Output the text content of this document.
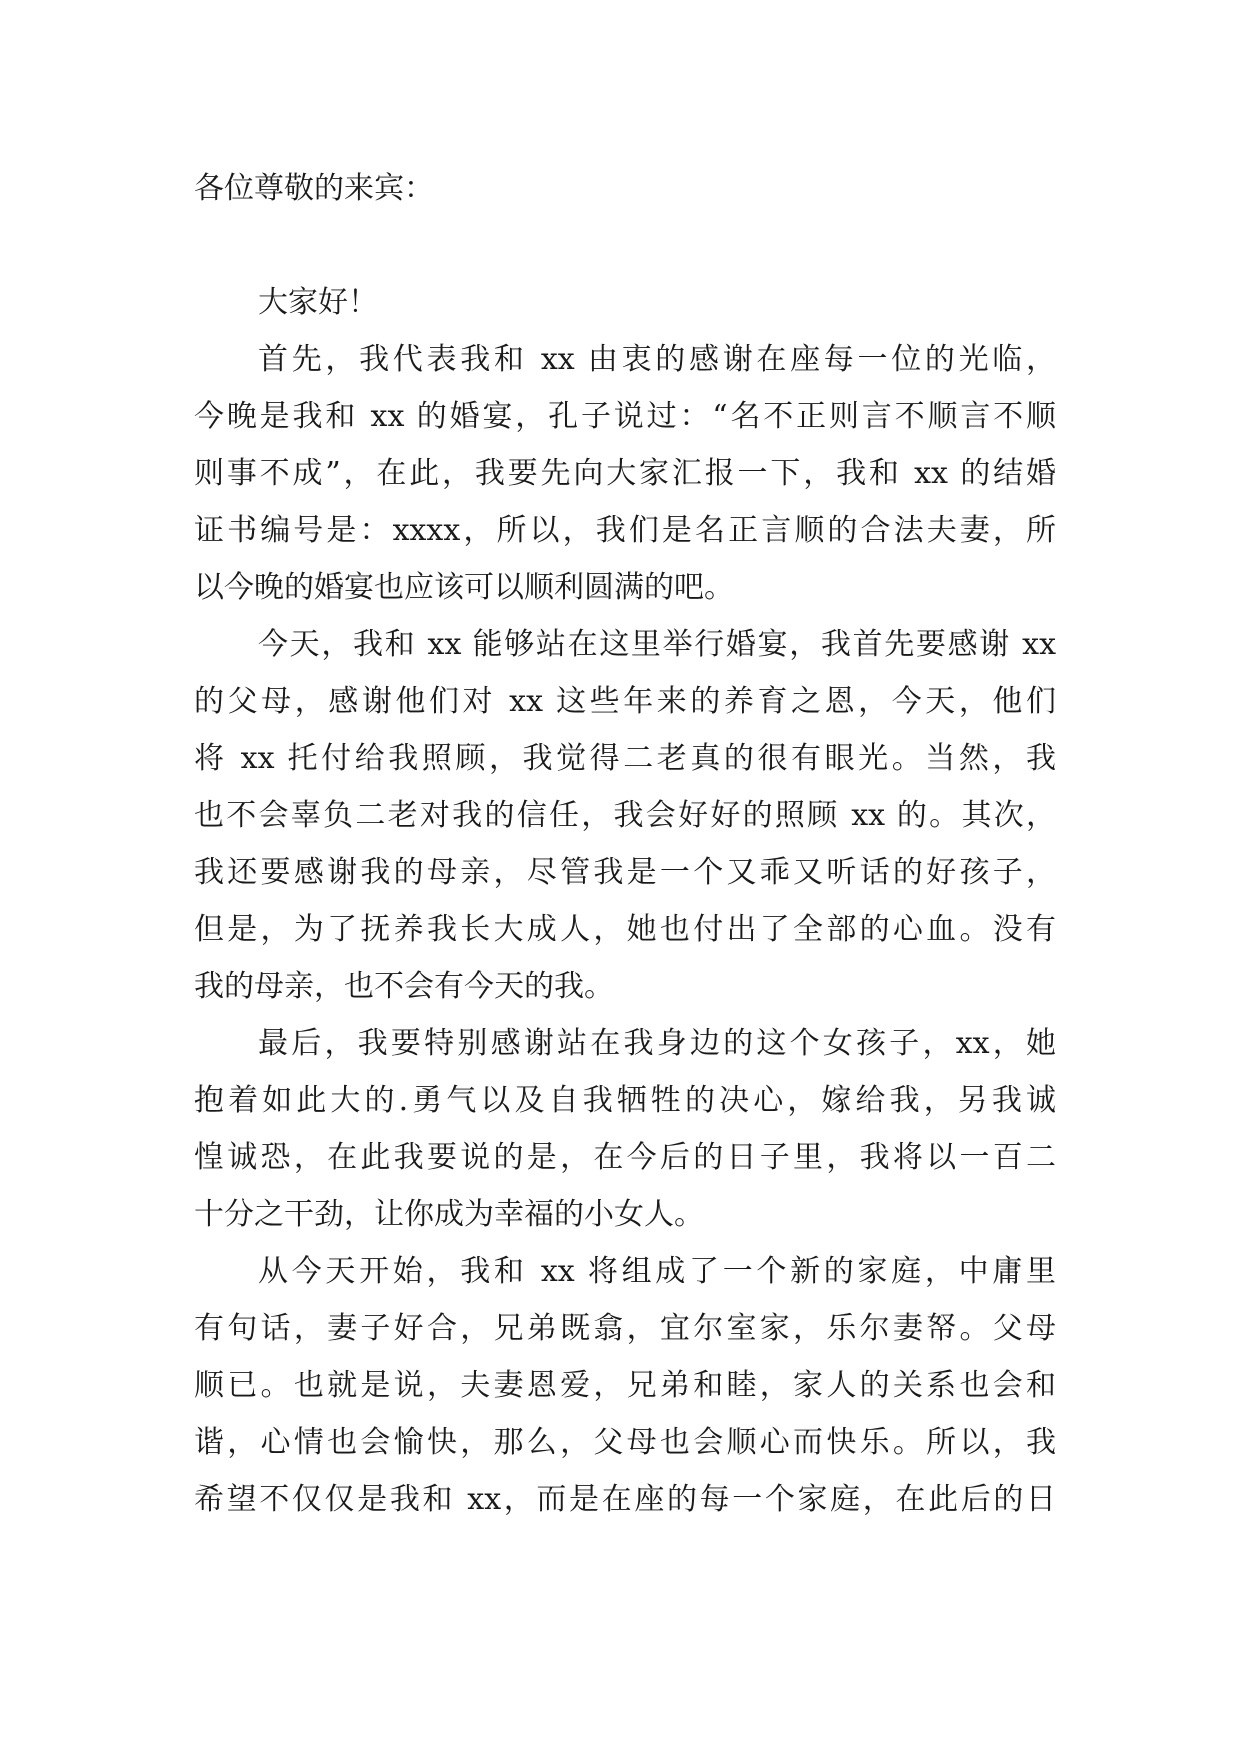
各位尊敬的来宾：
大家好！
首先，我代表我和 xx 由衷的感谢在座每一位的光临，
今晚是我和 xx 的婚宴，孔子说过：“名不正则言不顺言不顺
则事不成”，在此，我要先向大家汇报一下，我和 xx 的结婚
证书编号是：xxxx，所以，我们是名正言顺的合法夫妻，所
以今晚的婚宴也应该可以顺利圆满的吧。
今天，我和 xx 能够站在这里举行婚宴，我首先要感谢 xx
的父母，感谢他们对 xx 这些年来的养育之恩，今天，他们
将 xx 托付给我照顾，我觉得二老真的很有眼光。当然，我
也不会辜负二老对我的信任，我会好好的照顾 xx 的。其次，
我还要感谢我的母亲，尽管我是一个又乖又听话的好孩子，
但是，为了抚养我长大成人，她也付出了全部的心血。没有
我的母亲，也不会有今天的我。
最后，我要特别感谢站在我身边的这个女孩子，xx，她
抱着如此大的.勇气以及自我牺牲的决心，嫁给我，另我诚
惶诚恐，在此我要说的是，在今后的日子里，我将以一百二
十分之干劲，让你成为幸福的小女人。
从今天开始，我和 xx 将组成了一个新的家庭，中庸里
有句话，妻子好合，兄弟既翕，宜尔室家，乐尔妻帑。父母
顺已。也就是说，夫妻恩爱，兄弟和睦，家人的关系也会和
谐，心情也会愉快，那么，父母也会顺心而快乐。所以，我
希望不仅仅是我和 xx，而是在座的每一个家庭，在此后的日
